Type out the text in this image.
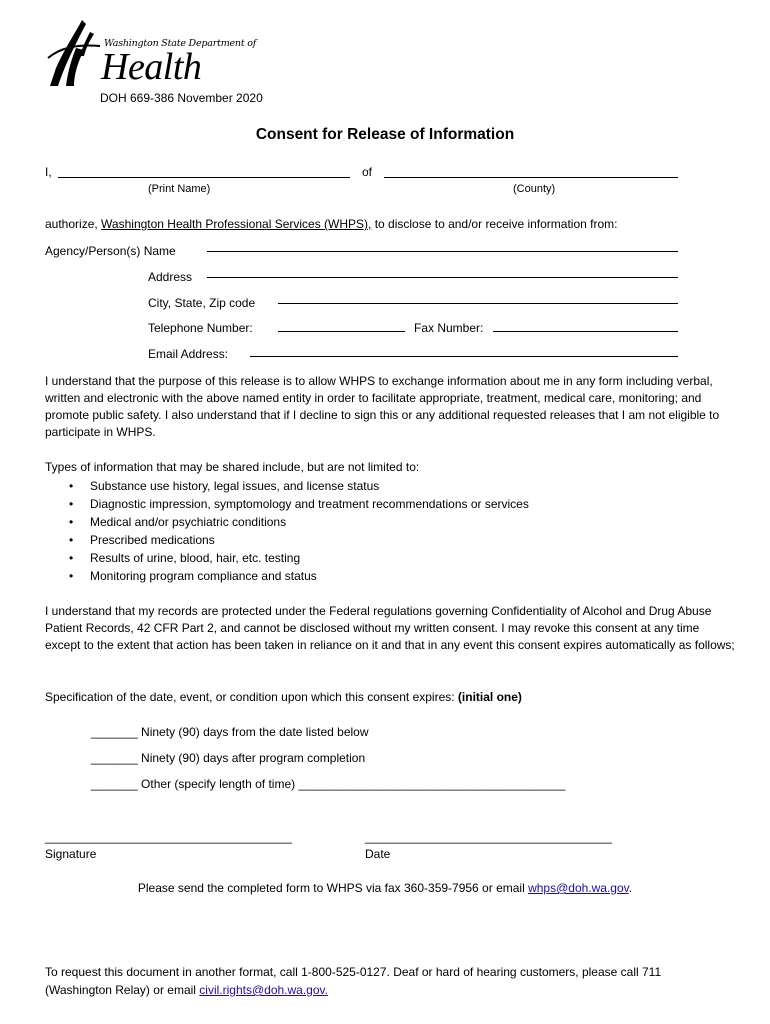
Washington State Department of
Health
DOH 669-386 November 2020
Consent for Release of Information
I,	of
(Print Name)	(County)
authorize, Washington Health Professional Services (WHPS), to disclose to and/or receive information from:
Agency/Person(s) Name
Address
City, State, Zip code
Telephone Number:	Fax Number:
Email Address:

I understand that the purpose of this release is to allow WHPS to exchange information about me in any form including verbal, written and electronic with the above named entity in order to facilitate appropriate, treatment, medical care, monitoring; and promote public safety. I also understand that if I decline to sign this or any additional requested releases that I am not eligible to participate in WHPS.

Types of information that may be shared include, but are not limited to:
• Substance use history, legal issues, and license status
• Diagnostic impression, symptomology and treatment recommendations or services
• Medical and/or psychiatric conditions
• Prescribed medications
• Results of urine, blood, hair, etc. testing
• Monitoring program compliance and status

I understand that my records are protected under the Federal regulations governing Confidentiality of Alcohol and Drug Abuse Patient Records, 42 CFR Part 2, and cannot be disclosed without my written consent. I may revoke this consent at any time except to the extent that action has been taken in reliance on it and that in any event this consent expires automatically as follows;

Specification of the date, event, or condition upon which this consent expires: (initial one)
_______ Ninety (90) days from the date listed below
_______ Ninety (90) days after program completion
_______ Other (specify length of time) ________________________________________
_____________________________________
Signature
_____________________________________
Date
Please send the completed form to WHPS via fax 360-359-7956 or email whps@doh.wa.gov.
To request this document in another format, call 1-800-525-0127. Deaf or hard of hearing customers, please call 711
(Washington Relay) or email civil.rights@doh.wa.gov.
